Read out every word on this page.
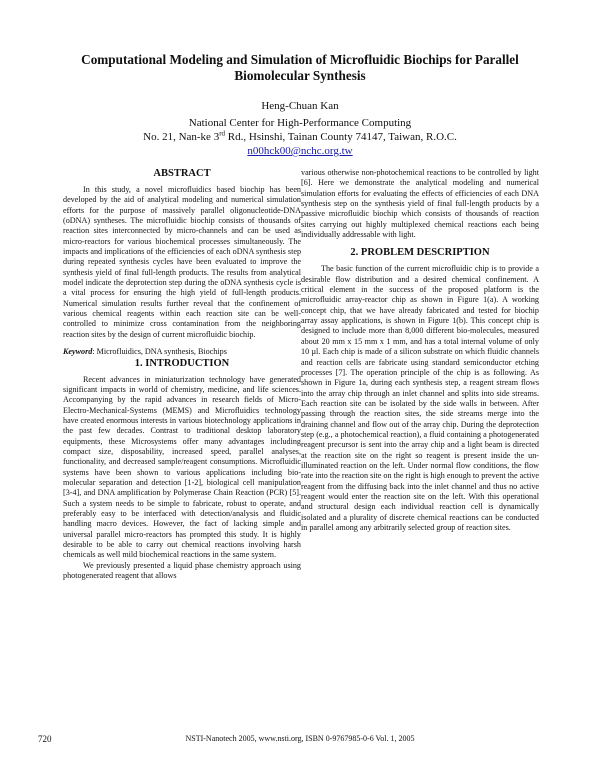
Computational Modeling and Simulation of Microfluidic Biochips for Parallel Biomolecular Synthesis
Heng-Chuan Kan
National Center for High-Performance Computing
No. 21, Nan-ke 3rd Rd., Hsinshi, Tainan County 74147, Taiwan, R.O.C.
n00hck00@nchc.org.tw
ABSTRACT

In this study, a novel microfluidics based biochip has been developed by the aid of analytical modeling and numerical simulation efforts for the purpose of massively parallel oligonucleotide-DNA (oDNA) syntheses. The microfluidic biochip consists of thousands of reaction sites interconnected by micro-channels and can be used as micro-reactors for various biochemical processes simultaneously. The impacts and implications of the efficiencies of each oDNA synthesis step during repeated synthesis cycles have been evaluated to improve the synthesis yield of final full-length products. The results from analytical model indicate the deprotection step during the oDNA synthesis cycle is a vital process for ensuring the high yield of full-length products. Numerical simulation results further reveal that the confinement of various chemical reagents within each reaction site can be well-controlled to minimize cross contamination from the neighboring reaction sites by the design of current microfluidic biochip.

Keyword: Microfluidics, DNA synthesis, Biochips

1. INTRODUCTION

Recent advances in miniaturization technology have generated significant impacts in world of chemistry, medicine, and life sciences. Accompanying by the rapid advances in research fields of Micro-Electro-Mechanical-Systems (MEMS) and Microfluidics technology have created enormous interests in various biotechnology applications in the past few decades. Contrast to traditional desktop laboratory equipments, these Microsystems offer many advantages including compact size, disposability, increased speed, parallel analyses, functionality, and decreased sample/reagent consumptions. Microfluidic systems have been shown to various applications including bio-molecular separation and detection [1-2], biological cell manipulation [3-4], and DNA amplification by Polymerase Chain Reaction (PCR) [5]. Such a system needs to be simple to fabricate, robust to operate, and preferably easy to be interfaced with detection/analysis and fluidic handling macro devices. However, the fact of lacking simple and universal parallel micro-reactors has prompted this study. It is highly desirable to be able to carry out chemical reactions involving harsh chemicals as well mild biochemical reactions in the same system.

We previously presented a liquid phase chemistry approach using photogenerated reagent that allows

various otherwise non-photochemical reactions to be controlled by light [6]. Here we demonstrate the analytical modeling and numerical simulation efforts for evaluating the effects of efficiencies of each DNA synthesis step on the synthesis yield of final full-length products by a passive microfluidic biochip which consists of thousands of reaction sites carrying out highly multiplexed chemical reactions each being individually addressable with light.

2. PROBLEM DESCRIPTION

The basic function of the current microfluidic chip is to provide a desirable flow distribution and a desired chemical confinement. A critical element in the success of the proposed platform is the microfluidic array-reactor chip as shown in Figure 1(a). A working concept chip, that we have already fabricated and tested for biochip array assay applications, is shown in Figure 1(b). This concept chip is designed to include more than 8,000 different bio-molecules, measured about 20 mm x 15 mm x 1 mm, and has a total internal volume of only 10 µl. Each chip is made of a silicon substrate on which fluidic channels and reaction cells are fabricate using standard semiconductor etching processes [7]. The operation principle of the chip is as following. As shown in Figure 1a, during each synthesis step, a reagent stream flows into the array chip through an inlet channel and splits into side streams. Each reaction site can be isolated by the side walls in between. After passing through the reaction sites, the side streams merge into the draining channel and flow out of the array chip. During the deprotection step (e.g., a photochemical reaction), a fluid containing a photogenerated reagent precursor is sent into the array chip and a light beam is directed at the reaction site on the right so reagent is present inside the un-illuminated reaction on the left. Under normal flow conditions, the flow rate into the reaction site on the right is high enough to prevent the active reagent from the diffusing back into the inlet channel and thus no active reagent would enter the reaction site on the left. With this operational and structural design each individual reaction cell is dynamically isolated and a plurality of discrete chemical reactions can be conducted in parallel among any arbitrarily selected group of reaction sites.

720	NSTI-Nanotech 2005, www.nsti.org, ISBN 0-9767985-0-6 Vol. 1, 2005
